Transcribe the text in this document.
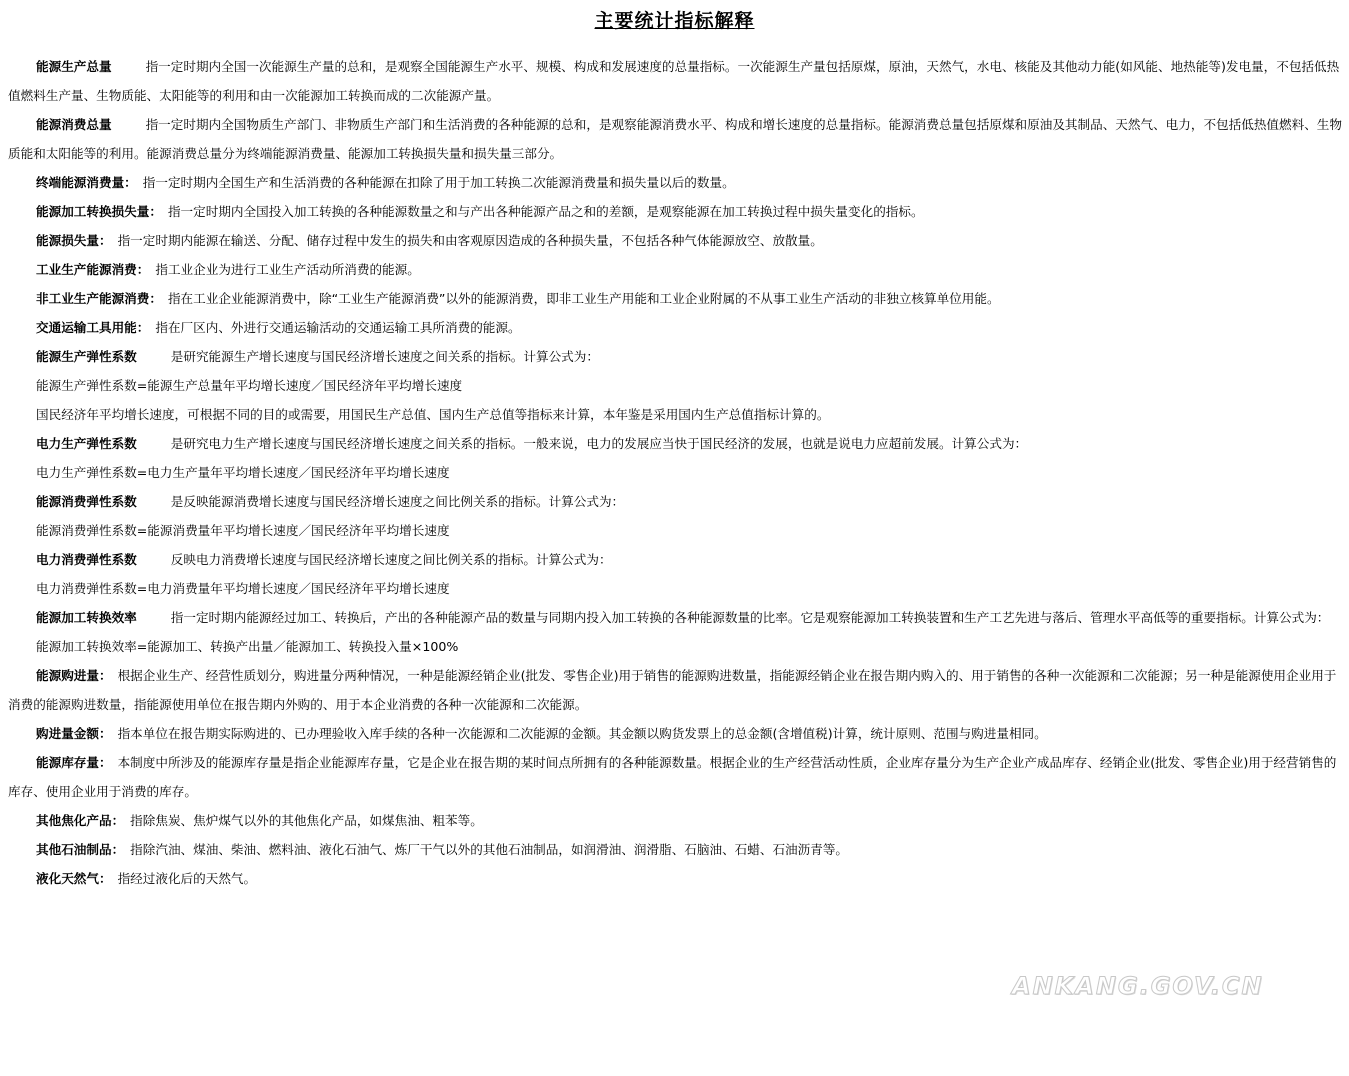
主要统计指标解释

能源生产总量	指一定时期内全国一次能源生产量的总和，是观察全国能源生产水平、规模、构成和发展速度的总量指标。一次能源生产量包括原煤，原油，天然气，水电、核能及其他动力能(如风能、地热能等)发电量，不包括低热值燃料生产量、生物质能、太阳能等的利用和由一次能源加工转换而成的二次能源产量。

能源消费总量	指一定时期内全国物质生产部门、非物质生产部门和生活消费的各种能源的总和，是观察能源消费水平、构成和增长速度的总量指标。能源消费总量包括原煤和原油及其制品、天然气、电力，不包括低热值燃料、生物质能和太阳能等的利用。能源消费总量分为终端能源消费量、能源加工转换损失量和损失量三部分。

终端能源消费量： 指一定时期内全国生产和生活消费的各种能源在扣除了用于加工转换二次能源消费量和损失量以后的数量。

能源加工转换损失量： 指一定时期内全国投入加工转换的各种能源数量之和与产出各种能源产品之和的差额，是观察能源在加工转换过程中损失量变化的指标。

能源损失量： 指一定时期内能源在输送、分配、储存过程中发生的损失和由客观原因造成的各种损失量，不包括各种气体能源放空、放散量。

工业生产能源消费： 指工业企业为进行工业生产活动所消费的能源。

非工业生产能源消费： 指在工业企业能源消费中，除“工业生产能源消费”以外的能源消费，即非工业生产用能和工业企业附属的不从事工业生产活动的非独立核算单位用能。

交通运输工具用能： 指在厂区内、外进行交通运输活动的交通运输工具所消费的能源。

能源生产弹性系数	是研究能源生产增长速度与国民经济增长速度之间关系的指标。计算公式为：

能源生产弹性系数=能源生产总量年平均增长速度／国民经济年平均增长速度

国民经济年平均增长速度，可根据不同的目的或需要，用国民生产总值、国内生产总值等指标来计算，本年鉴是采用国内生产总值指标计算的。

电力生产弹性系数	是研究电力生产增长速度与国民经济增长速度之间关系的指标。一般来说，电力的发展应当快于国民经济的发展，也就是说电力应超前发展。计算公式为：

电力生产弹性系数=电力生产量年平均增长速度／国民经济年平均增长速度

能源消费弹性系数	是反映能源消费增长速度与国民经济增长速度之间比例关系的指标。计算公式为：

能源消费弹性系数=能源消费量年平均增长速度／国民经济年平均增长速度

电力消费弹性系数	反映电力消费增长速度与国民经济增长速度之间比例关系的指标。计算公式为：

电力消费弹性系数=电力消费量年平均增长速度／国民经济年平均增长速度

能源加工转换效率	指一定时期内能源经过加工、转换后，产出的各种能源产品的数量与同期内投入加工转换的各种能源数量的比率。它是观察能源加工转换装置和生产工艺先进与落后、管理水平高低等的重要指标。计算公式为：

能源加工转换效率=能源加工、转换产出量／能源加工、转换投入量×100%

能源购进量： 根据企业生产、经营性质划分，购进量分两种情况，一种是能源经销企业(批发、零售企业)用于销售的能源购进数量，指能源经销企业在报告期内购入的、用于销售的各种一次能源和二次能源；另一种是能源使用企业用于消费的能源购进数量，指能源使用单位在报告期内外购的、用于本企业消费的各种一次能源和二次能源。

购进量金额： 指本单位在报告期实际购进的、已办理验收入库手续的各种一次能源和二次能源的金额。其金额以购货发票上的总金额(含增值税)计算，统计原则、范围与购进量相同。

能源库存量： 本制度中所涉及的能源库存量是指企业能源库存量，它是企业在报告期的某时间点所拥有的各种能源数量。根据企业的生产经营活动性质，企业库存量分为生产企业产成品库存、经销企业(批发、零售企业)用于经营销售的库存、使用企业用于消费的库存。

其他焦化产品： 指除焦炭、焦炉煤气以外的其他焦化产品，如煤焦油、粗苯等。

其他石油制品： 指除汽油、煤油、柴油、燃料油、液化石油气、炼厂干气以外的其他石油制品，如润滑油、润滑脂、石脑油、石蜡、石油沥青等。

液化天然气： 指经过液化后的天然气。

ANKANG.GOV.CN
